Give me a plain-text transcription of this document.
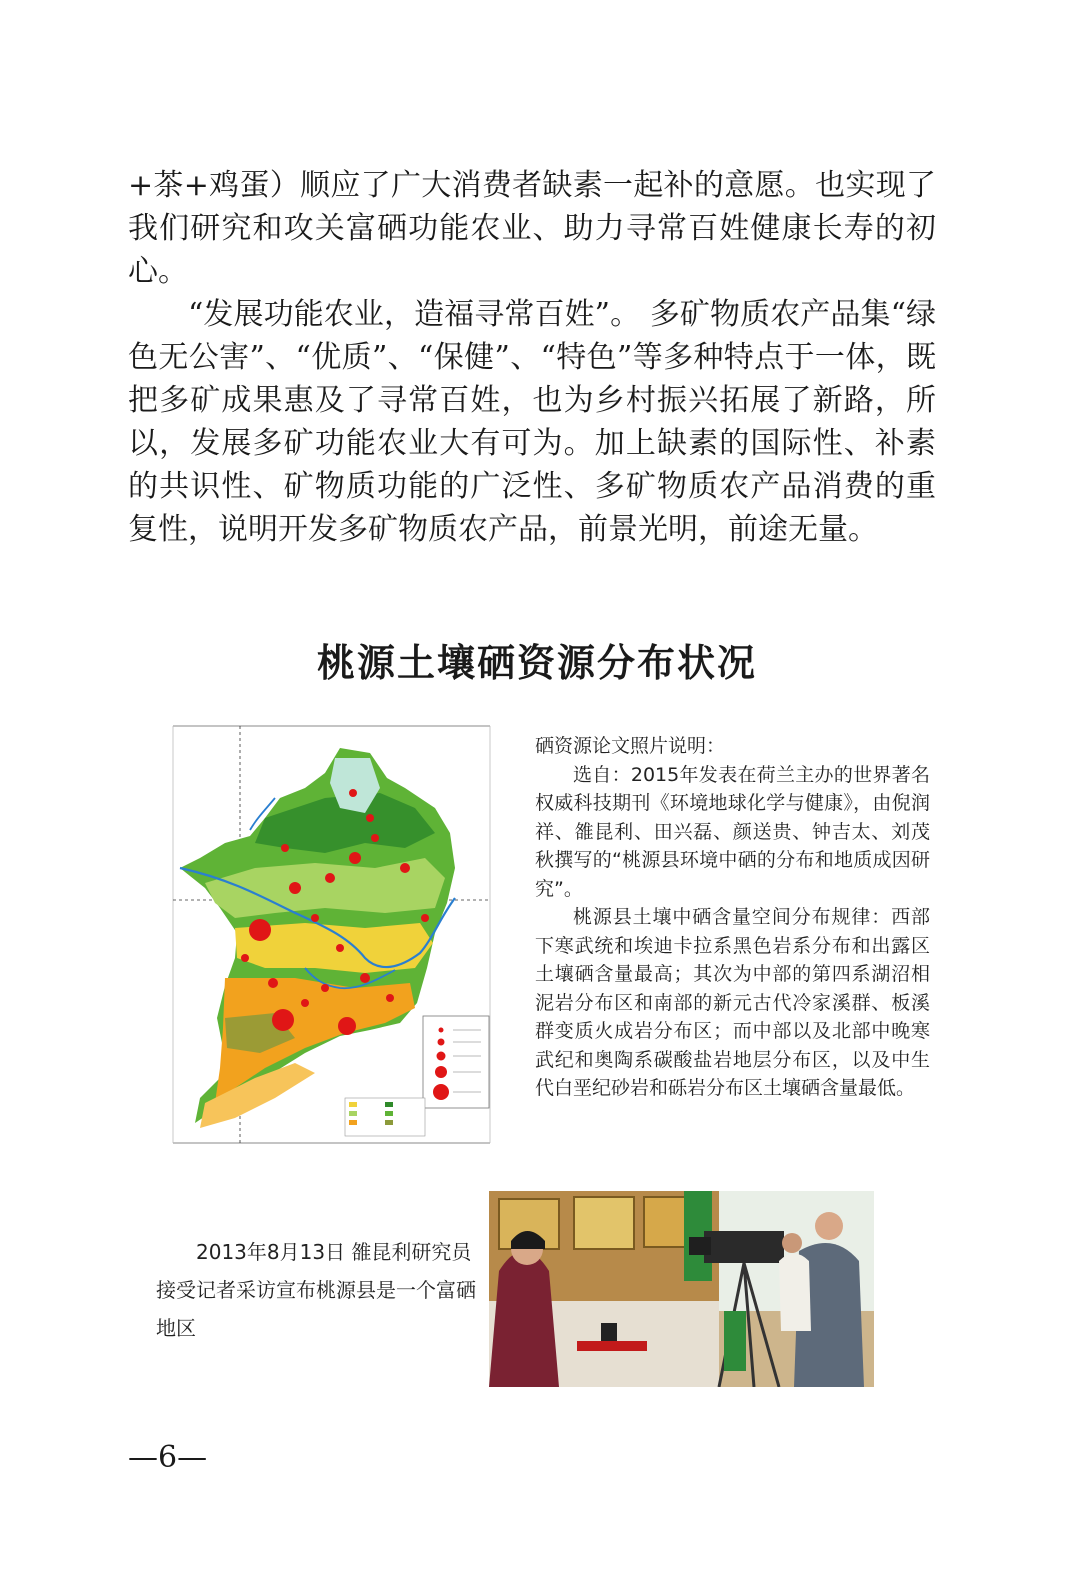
+茶+鸡蛋）顺应了广大消费者缺素一起补的意愿。也实现了我们研究和攻关富硒功能农业、助力寻常百姓健康长寿的初心。

“发展功能农业，造福寻常百姓”。 多矿物质农产品集“绿色无公害”、“优质”、“保健”、“特色”等多种特点于一体，既把多矿成果惠及了寻常百姓，也为乡村振兴拓展了新路，所以，发展多矿功能农业大有可为。加上缺素的国际性、补素的共识性、矿物质功能的广泛性、多矿物质农产品消费的重复性，说明开发多矿物质农产品，前景光明，前途无量。

桃源土壤硒资源分布状况

硒资源论文照片说明：

选自：2015年发表在荷兰主办的世界著名权威科技期刊《环境地球化学与健康》，由倪润祥、雒昆利、田兴磊、颜送贵、钟吉太、刘茂秋撰写的“桃源县环境中硒的分布和地质成因研究”。

桃源县土壤中硒含量空间分布规律：西部下寒武统和埃迪卡拉系黑色岩系分布和出露区土壤硒含量最高；其次为中部的第四系湖沼相泥岩分布区和南部的新元古代冷家溪群、板溪群变质火成岩分布区；而中部以及北部中晚寒武纪和奥陶系碳酸盐岩地层分布区，以及中生代白垩纪砂岩和砾岩分布区土壤硒含量最低。

2013年8月13日 雒昆利研究员接受记者采访宣布桃源县是一个富硒地区

—6—
